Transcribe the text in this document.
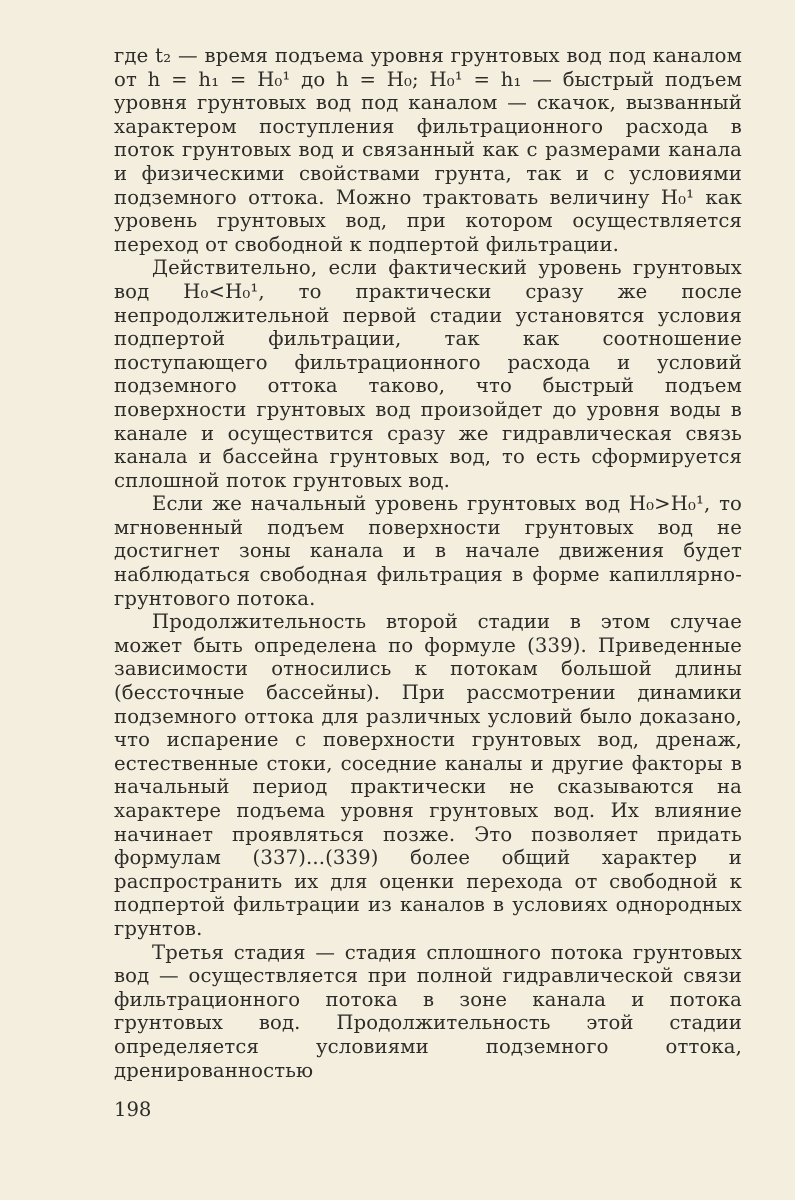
где t₂ — время подъема уровня грунтовых вод под каналом от h = h₁ = H₀¹ до h = H₀; H₀¹ = h₁ — быстрый подъем уровня грунтовых вод под каналом — скачок, вызванный характером поступления фильтрационного расхода в поток грунтовых вод и связанный как с размерами канала и физическими свойствами грунта, так и с условиями подземного оттока. Можно трактовать величину H₀¹ как уровень грунтовых вод, при котором осуществляется переход от свободной к подпертой фильтрации.

Действительно, если фактический уровень грунтовых вод H₀<H₀¹, то практически сразу же после непродолжительной первой стадии установятся условия подпертой фильтрации, так как соотношение поступающего фильтрационного расхода и условий подземного оттока таково, что быстрый подъем поверхности грунтовых вод произойдет до уровня воды в канале и осуществится сразу же гидравлическая связь канала и бассейна грунтовых вод, то есть сформируется сплошной поток грунтовых вод.

Если же начальный уровень грунтовых вод H₀>H₀¹, то мгновенный подъем поверхности грунтовых вод не достигнет зоны канала и в начале движения будет наблюдаться свободная фильтрация в форме капиллярно-грунтового потока.

Продолжительность второй стадии в этом случае может быть определена по формуле (339). Приведенные зависимости относились к потокам большой длины (бессточные бассейны). При рассмотрении динамики подземного оттока для различных условий было доказано, что испарение с поверхности грунтовых вод, дренаж, естественные стоки, соседние каналы и другие факторы в начальный период практически не сказываются на характере подъема уровня грунтовых вод. Их влияние начинает проявляться позже. Это позволяет придать формулам (337)...(339) более общий характер и распространить их для оценки перехода от свободной к подпертой фильтрации из каналов в условиях однородных грунтов.

Третья стадия — стадия сплошного потока грунтовых вод — осуществляется при полной гидравлической связи фильтрационного потока в зоне канала и потока грунтовых вод. Продолжительность этой стадии определяется условиями подземного оттока, дренированностью

198
